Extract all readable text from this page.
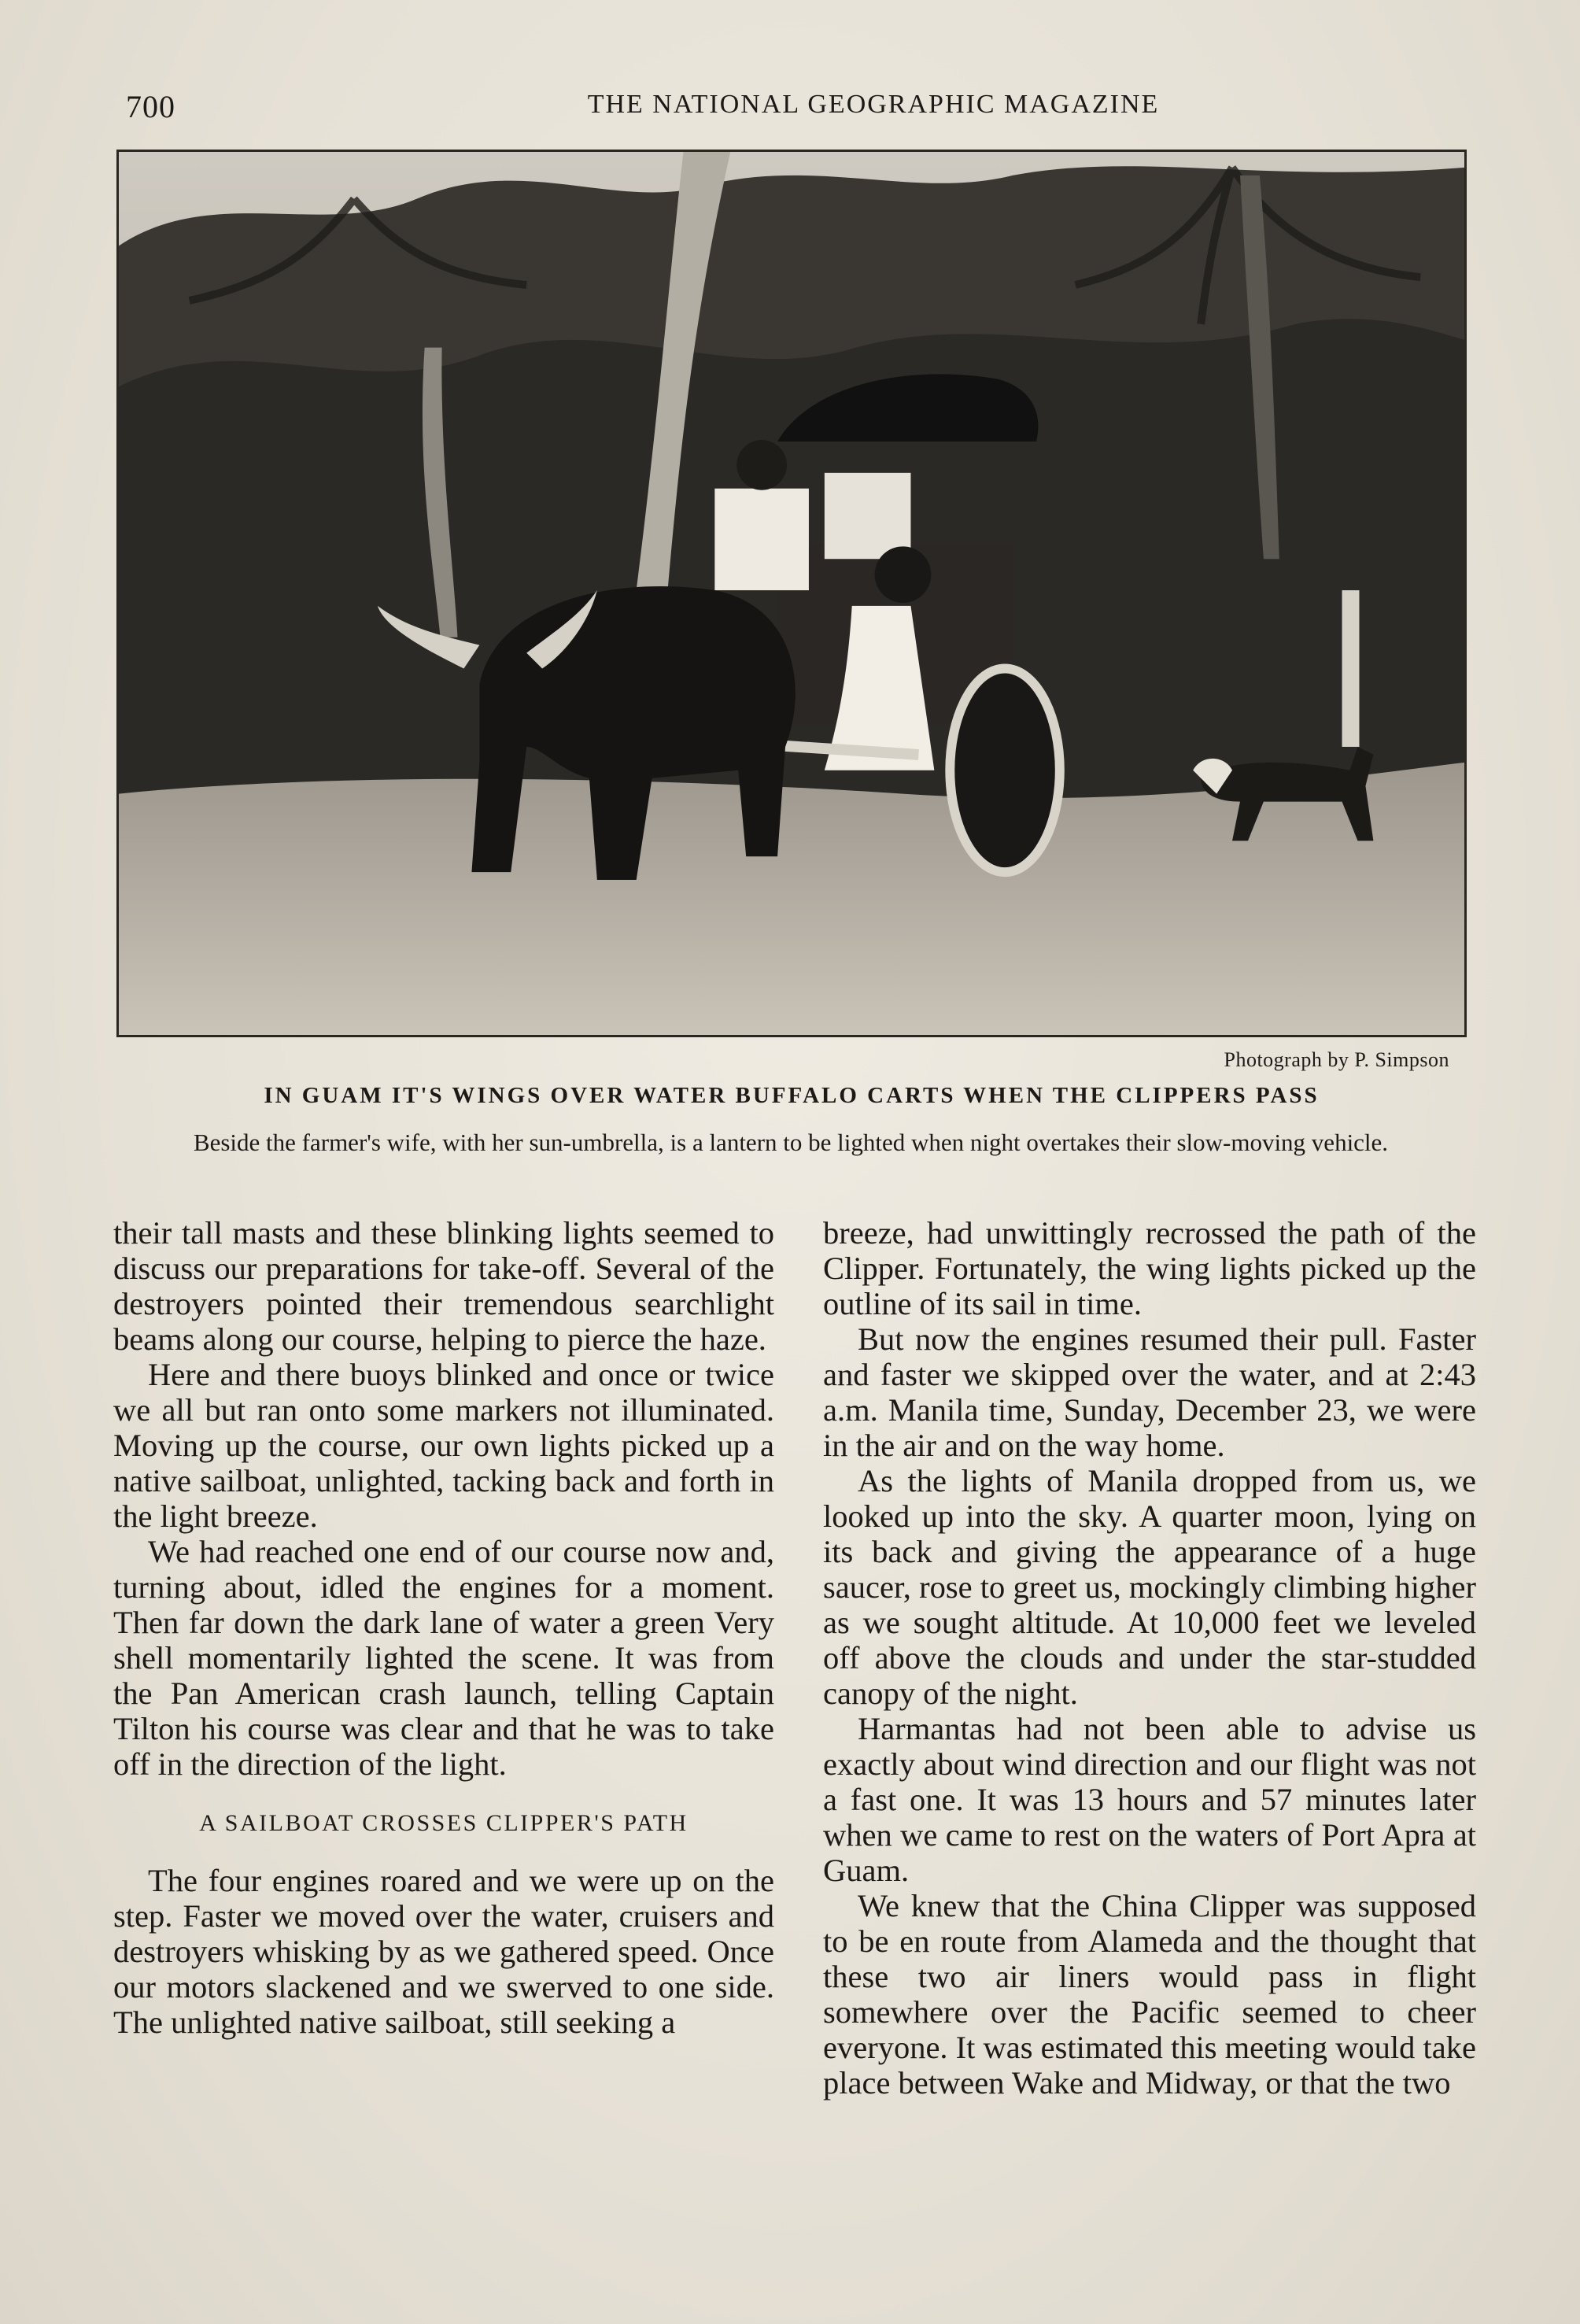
700	THE NATIONAL GEOGRAPHIC MAGAZINE
Photograph by P. Simpson
IN GUAM IT'S WINGS OVER WATER BUFFALO CARTS WHEN THE CLIPPERS PASS
Beside the farmer's wife, with her sun-umbrella, is a lantern to be lighted when night overtakes their slow-moving vehicle.

their tall masts and these blinking lights seemed to discuss our preparations for take-off. Several of the destroyers pointed their tremendous searchlight beams along our course, helping to pierce the haze.

Here and there buoys blinked and once or twice we all but ran onto some markers not illuminated. Moving up the course, our own lights picked up a native sailboat, unlighted, tacking back and forth in the light breeze.

We had reached one end of our course now and, turning about, idled the engines for a moment. Then far down the dark lane of water a green Very shell momentarily lighted the scene. It was from the Pan American crash launch, telling Captain Tilton his course was clear and that he was to take off in the direction of the light.

A SAILBOAT CROSSES CLIPPER'S PATH

The four engines roared and we were up on the step. Faster we moved over the water, cruisers and destroyers whisking by as we gathered speed. Once our motors slackened and we swerved to one side. The unlighted native sailboat, still seeking a

breeze, had unwittingly recrossed the path of the Clipper. Fortunately, the wing lights picked up the outline of its sail in time.

But now the engines resumed their pull. Faster and faster we skipped over the water, and at 2:43 a.m. Manila time, Sunday, December 23, we were in the air and on the way home.

As the lights of Manila dropped from us, we looked up into the sky. A quarter moon, lying on its back and giving the appearance of a huge saucer, rose to greet us, mockingly climbing higher as we sought altitude. At 10,000 feet we leveled off above the clouds and under the star-studded canopy of the night.

Harmantas had not been able to advise us exactly about wind direction and our flight was not a fast one. It was 13 hours and 57 minutes later when we came to rest on the waters of Port Apra at Guam.

We knew that the China Clipper was supposed to be en route from Alameda and the thought that these two air liners would pass in flight somewhere over the Pacific seemed to cheer everyone. It was estimated this meeting would take place between Wake and Midway, or that the two
